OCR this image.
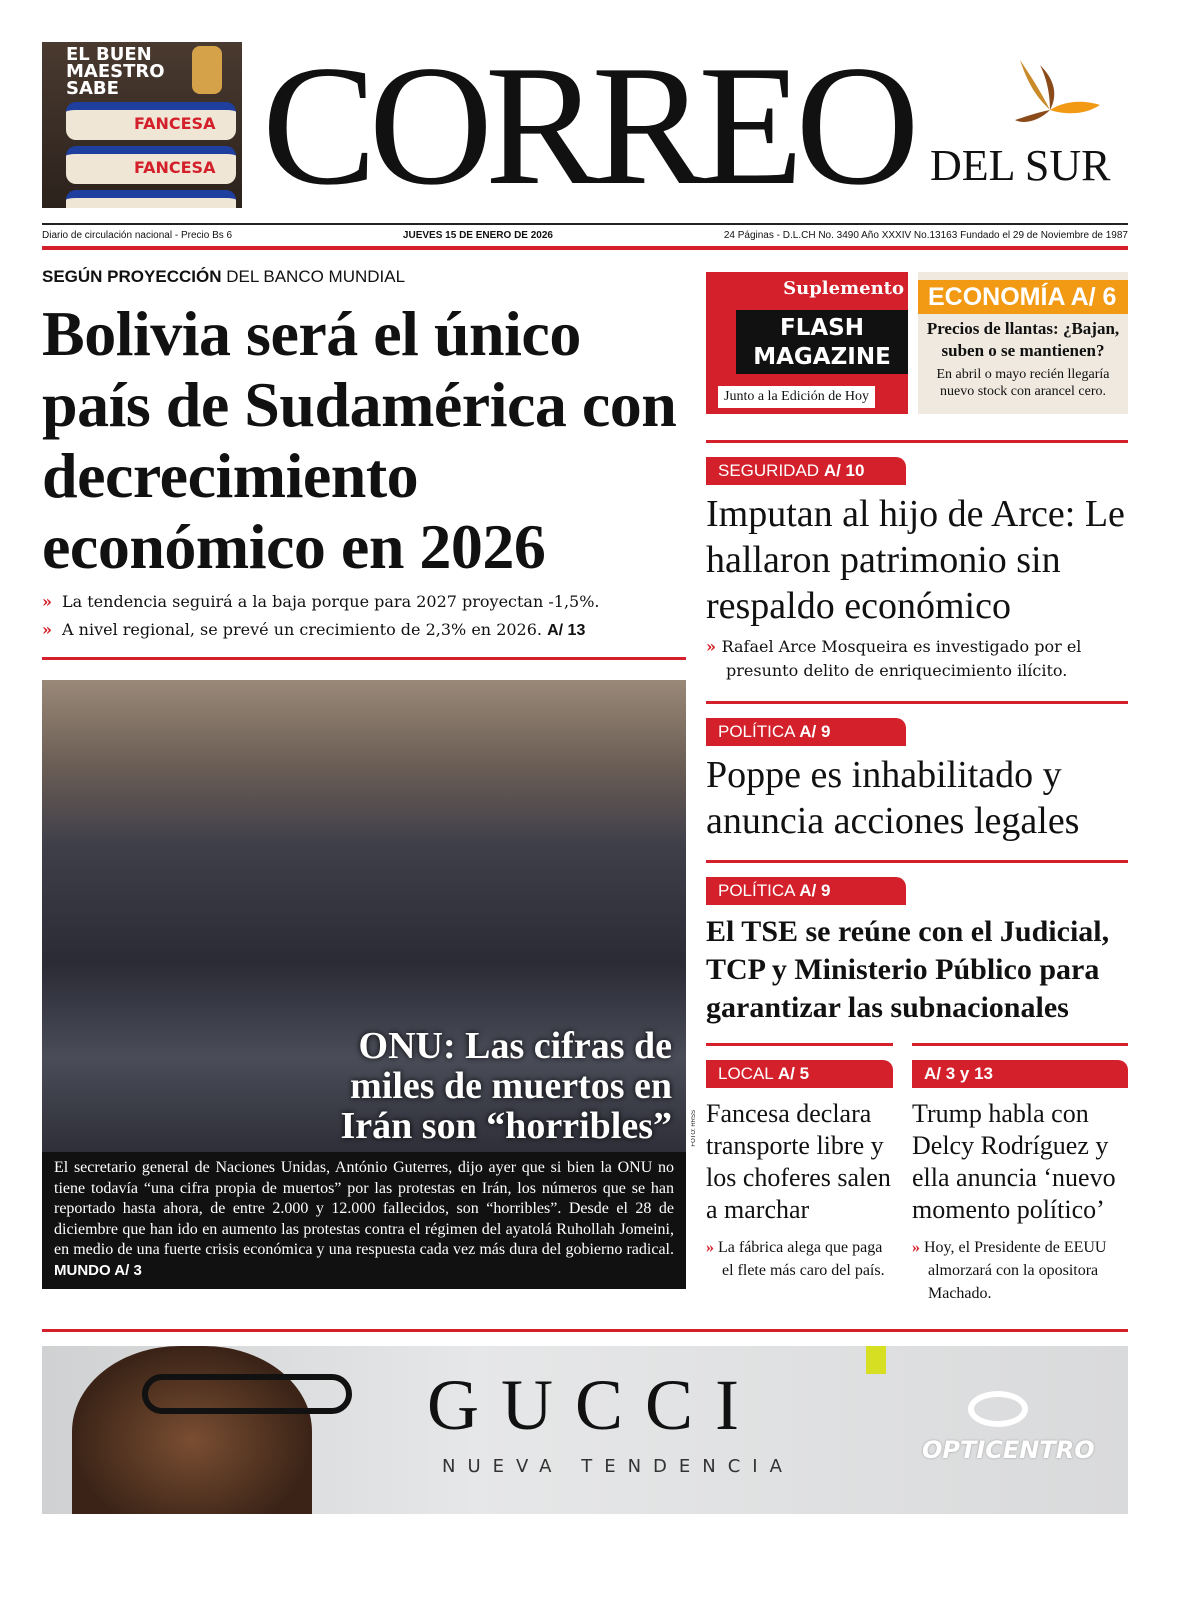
EL BUEN
MAESTRO
SABE
FANCESA
FANCESA CORREO DEL SUR
Diario de circulación nacional - Precio Bs 6	JUEVES 15 DE ENERO DE 2026	24 Páginas - D.L.CH No. 3490 Año XXXIV No.13163 Fundado el 29 de Noviembre de 1987
SEGÚN PROYECCIÓN DEL BANCO MUNDIAL
Bolivia será el único país de Sudamérica con decrecimiento económico en 2026
» La tendencia seguirá a la baja porque para 2027 proyectan -1,5%.
» A nivel regional, se prevé un crecimiento de 2,3% en 2026. A/ 13
ONU: Las cifras de miles de muertos en Irán son “horribles”	FOTO: RRSS
El secretario general de Naciones Unidas, António Guterres, dijo ayer que si bien la ONU no tiene todavía “una cifra propia de muertos” por las protestas en Irán, los números que se han reportado hasta ahora, de entre 2.000 y 12.000 fallecidos, son “horribles”. Desde el 28 de diciembre que han ido en aumento las protestas contra el régimen del ayatolá Ruhollah Jomeini, en medio de una fuerte crisis económica y una respuesta cada vez más dura del gobierno radical. MUNDO A/ 3
Suplemento
FLASH MAGAZINE
Junto a la Edición de Hoy
ECONOMÍA A/ 6
Precios de llantas: ¿Bajan, suben o se mantienen?
En abril o mayo recién llegaría nuevo stock con arancel cero.
SEGURIDAD A/ 10
Imputan al hijo de Arce: Le hallaron patrimonio sin respaldo económico
» Rafael Arce Mosqueira es investigado por el presunto delito de enriquecimiento ilícito.
POLÍTICA A/ 9
Poppe es inhabilitado y anuncia acciones legales
POLÍTICA A/ 9
El TSE se reúne con el Judicial, TCP y Ministerio Público para garantizar las subnacionales
LOCAL A/ 5
Fancesa declara transporte libre y los choferes salen a marchar
» La fábrica alega que paga el flete más caro del país.
A/ 3 y 13
Trump habla con Delcy Rodríguez y ella anuncia ‘nuevo momento político’
» Hoy, el Presidente de EEUU almorzará con la opositora Machado.
GUCCI
NUEVA TENDENCIA
OPTICENTRO
